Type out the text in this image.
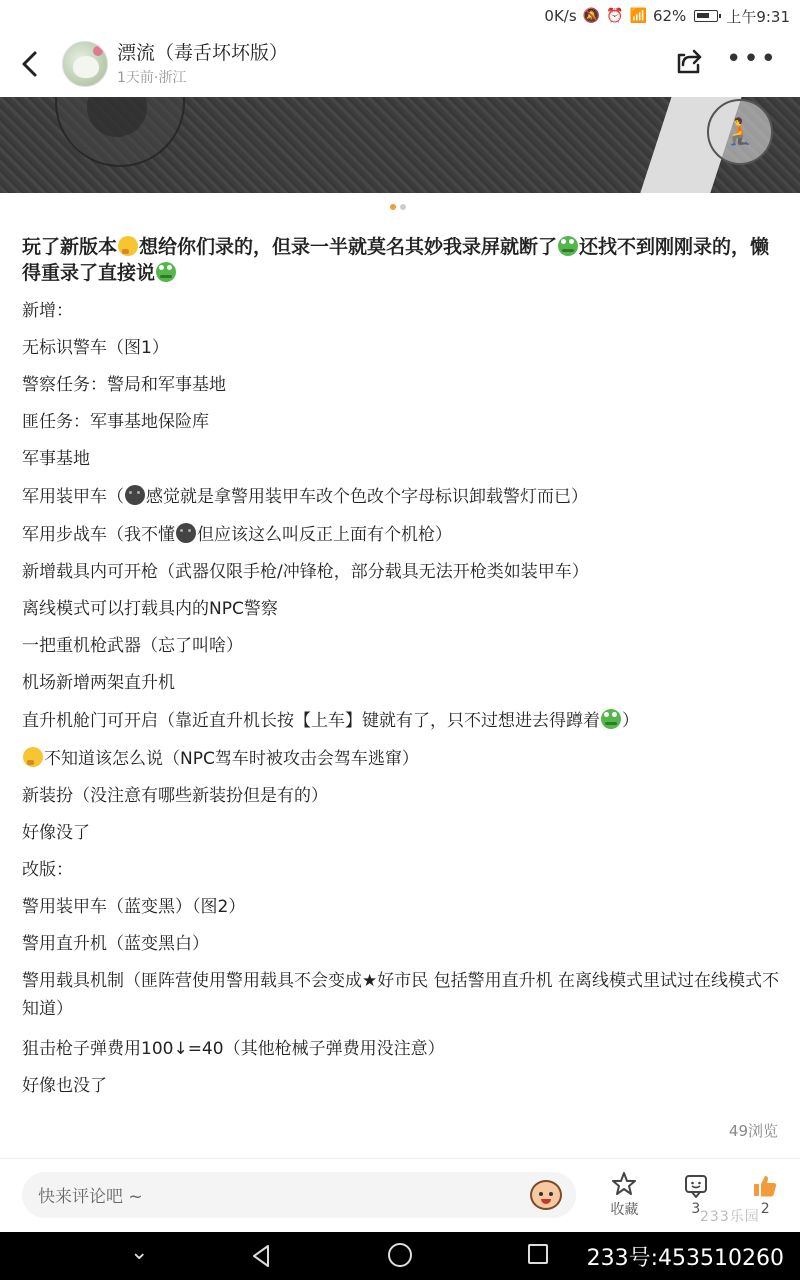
0K/s 🔕 ⏰ 📶 62%	上午9:31
漂流（毒舌坏坏版）
1天前·浙江
•••
🧎
玩了新版本 想给你们录的，但录一半就莫名其妙我录屏就断了 还找不到刚刚录的，懒得重录了直接说
新增：
无标识警车（图1）
警察任务：警局和军事基地
匪任务：军事基地保险库
军事基地
军用装甲车（ 感觉就是拿警用装甲车改个色改个字母标识卸载警灯而已）
军用步战车（我不懂 但应该这么叫反正上面有个机枪）
新增载具内可开枪（武器仅限手枪/冲锋枪，部分载具无法开枪类如装甲车）
离线模式可以打载具内的NPC警察
一把重机枪武器（忘了叫啥）
机场新增两架直升机
直升机舱门可开启（靠近直升机长按【上车】键就有了，只不过想进去得蹲着 ）
不知道该怎么说（NPC驾车时被攻击会驾车逃窜）
新装扮（没注意有哪些新装扮但是有的）
好像没了
改版：
警用装甲车（蓝变黑）（图2）
警用直升机（蓝变黑白）
警用载具机制（匪阵营使用警用载具不会变成★好市民 包括警用直升机 在离线模式里试过在线模式不知道）
狙击枪子弹费用100↓=40（其他枪械子弹费用没注意）
好像也没了
49浏览
快来评论吧 ~
收藏	3	2
233乐园
⌄	233号:453510260
